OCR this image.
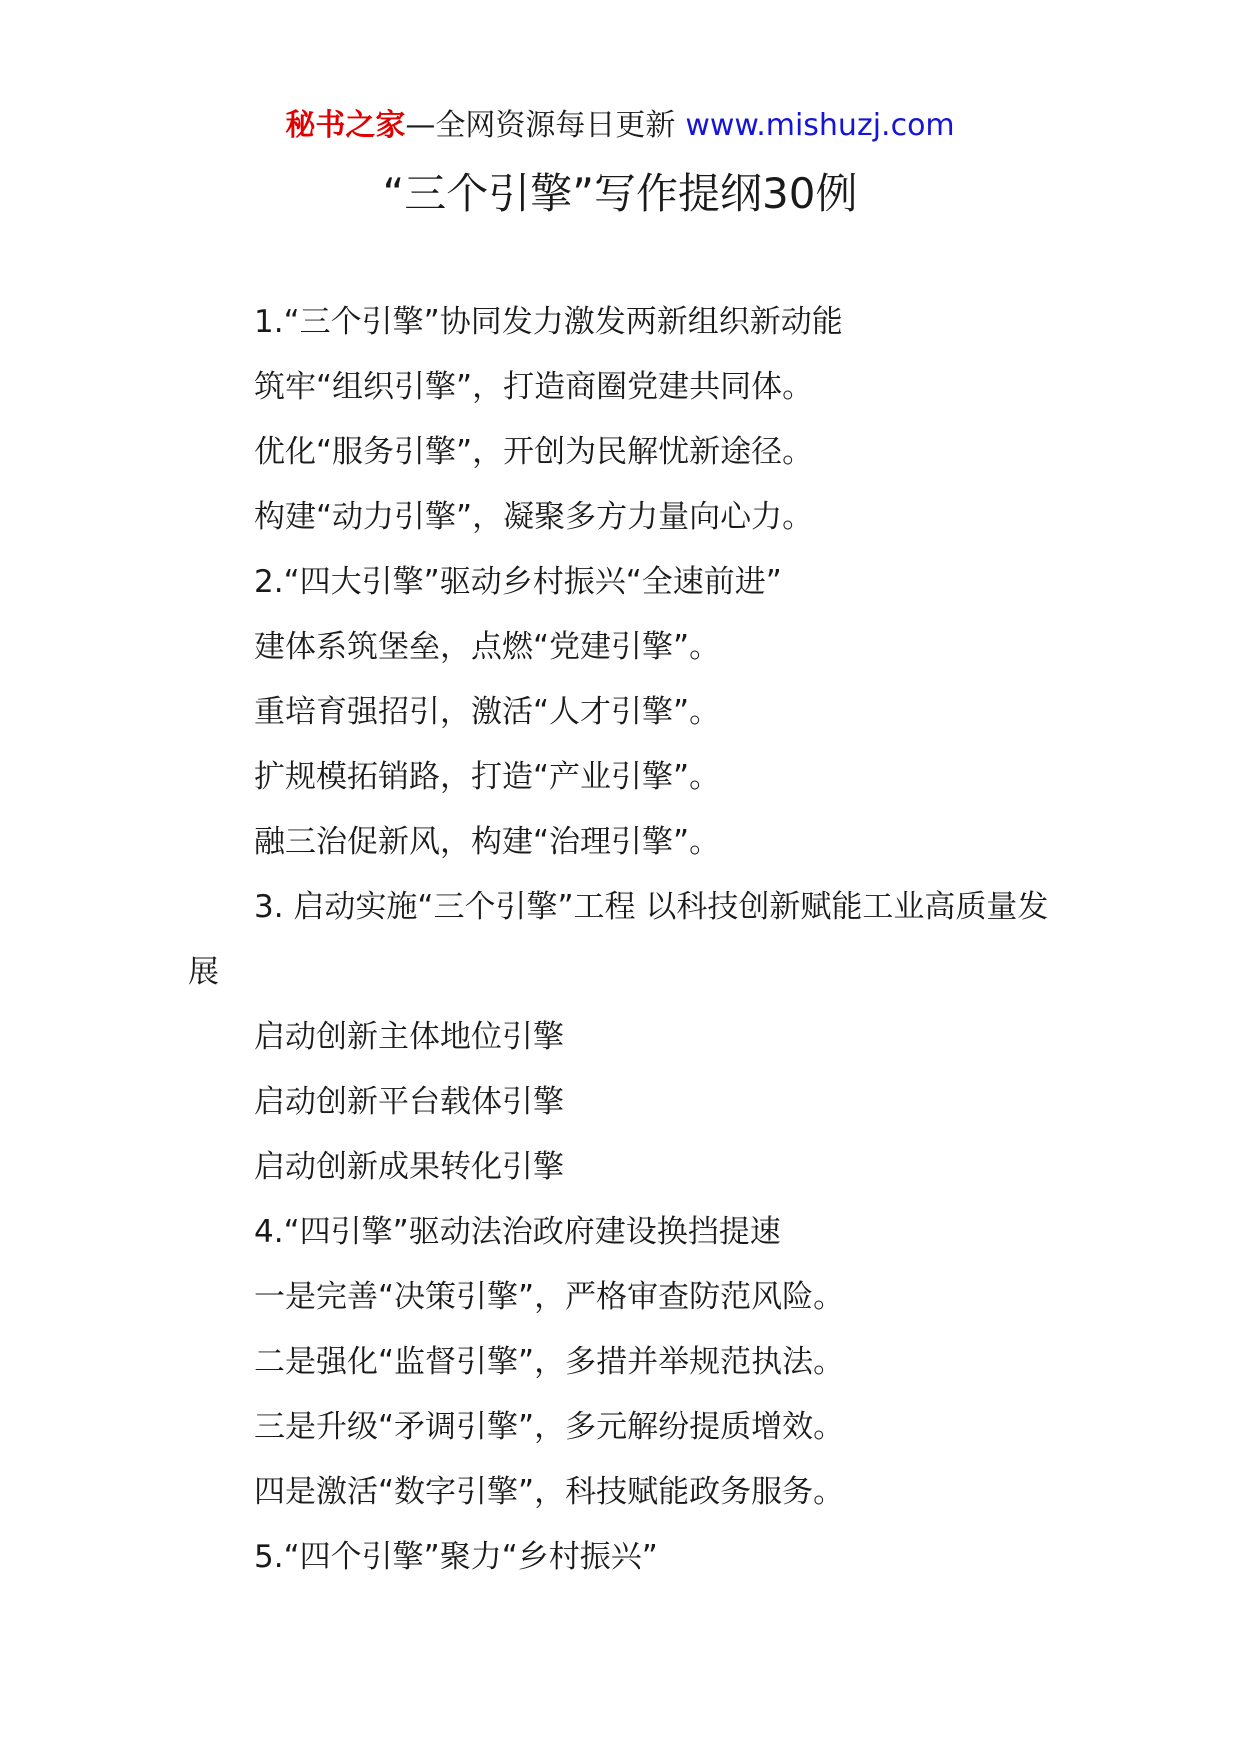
秘书之家—全网资源每日更新 www.mishuzj.com
“三个引擎”写作提纲30例
1.“三个引擎”协同发力激发两新组织新动能
筑牢“组织引擎”，打造商圈党建共同体。
优化“服务引擎”，开创为民解忧新途径。
构建“动力引擎”，凝聚多方力量向心力。
2.“四大引擎”驱动乡村振兴“全速前进”
建体系筑堡垒，点燃“党建引擎”。
重培育强招引，激活“人才引擎”。
扩规模拓销路，打造“产业引擎”。
融三治促新风，构建“治理引擎”。
3. 启动实施“三个引擎”工程 以科技创新赋能工业高质量发展
启动创新主体地位引擎
启动创新平台载体引擎
启动创新成果转化引擎
4.“四引擎”驱动法治政府建设换挡提速
一是完善“决策引擎”，严格审查防范风险。
二是强化“监督引擎”，多措并举规范执法。
三是升级“矛调引擎”，多元解纷提质增效。
四是激活“数字引擎”，科技赋能政务服务。
5.“四个引擎”聚力“乡村振兴”
